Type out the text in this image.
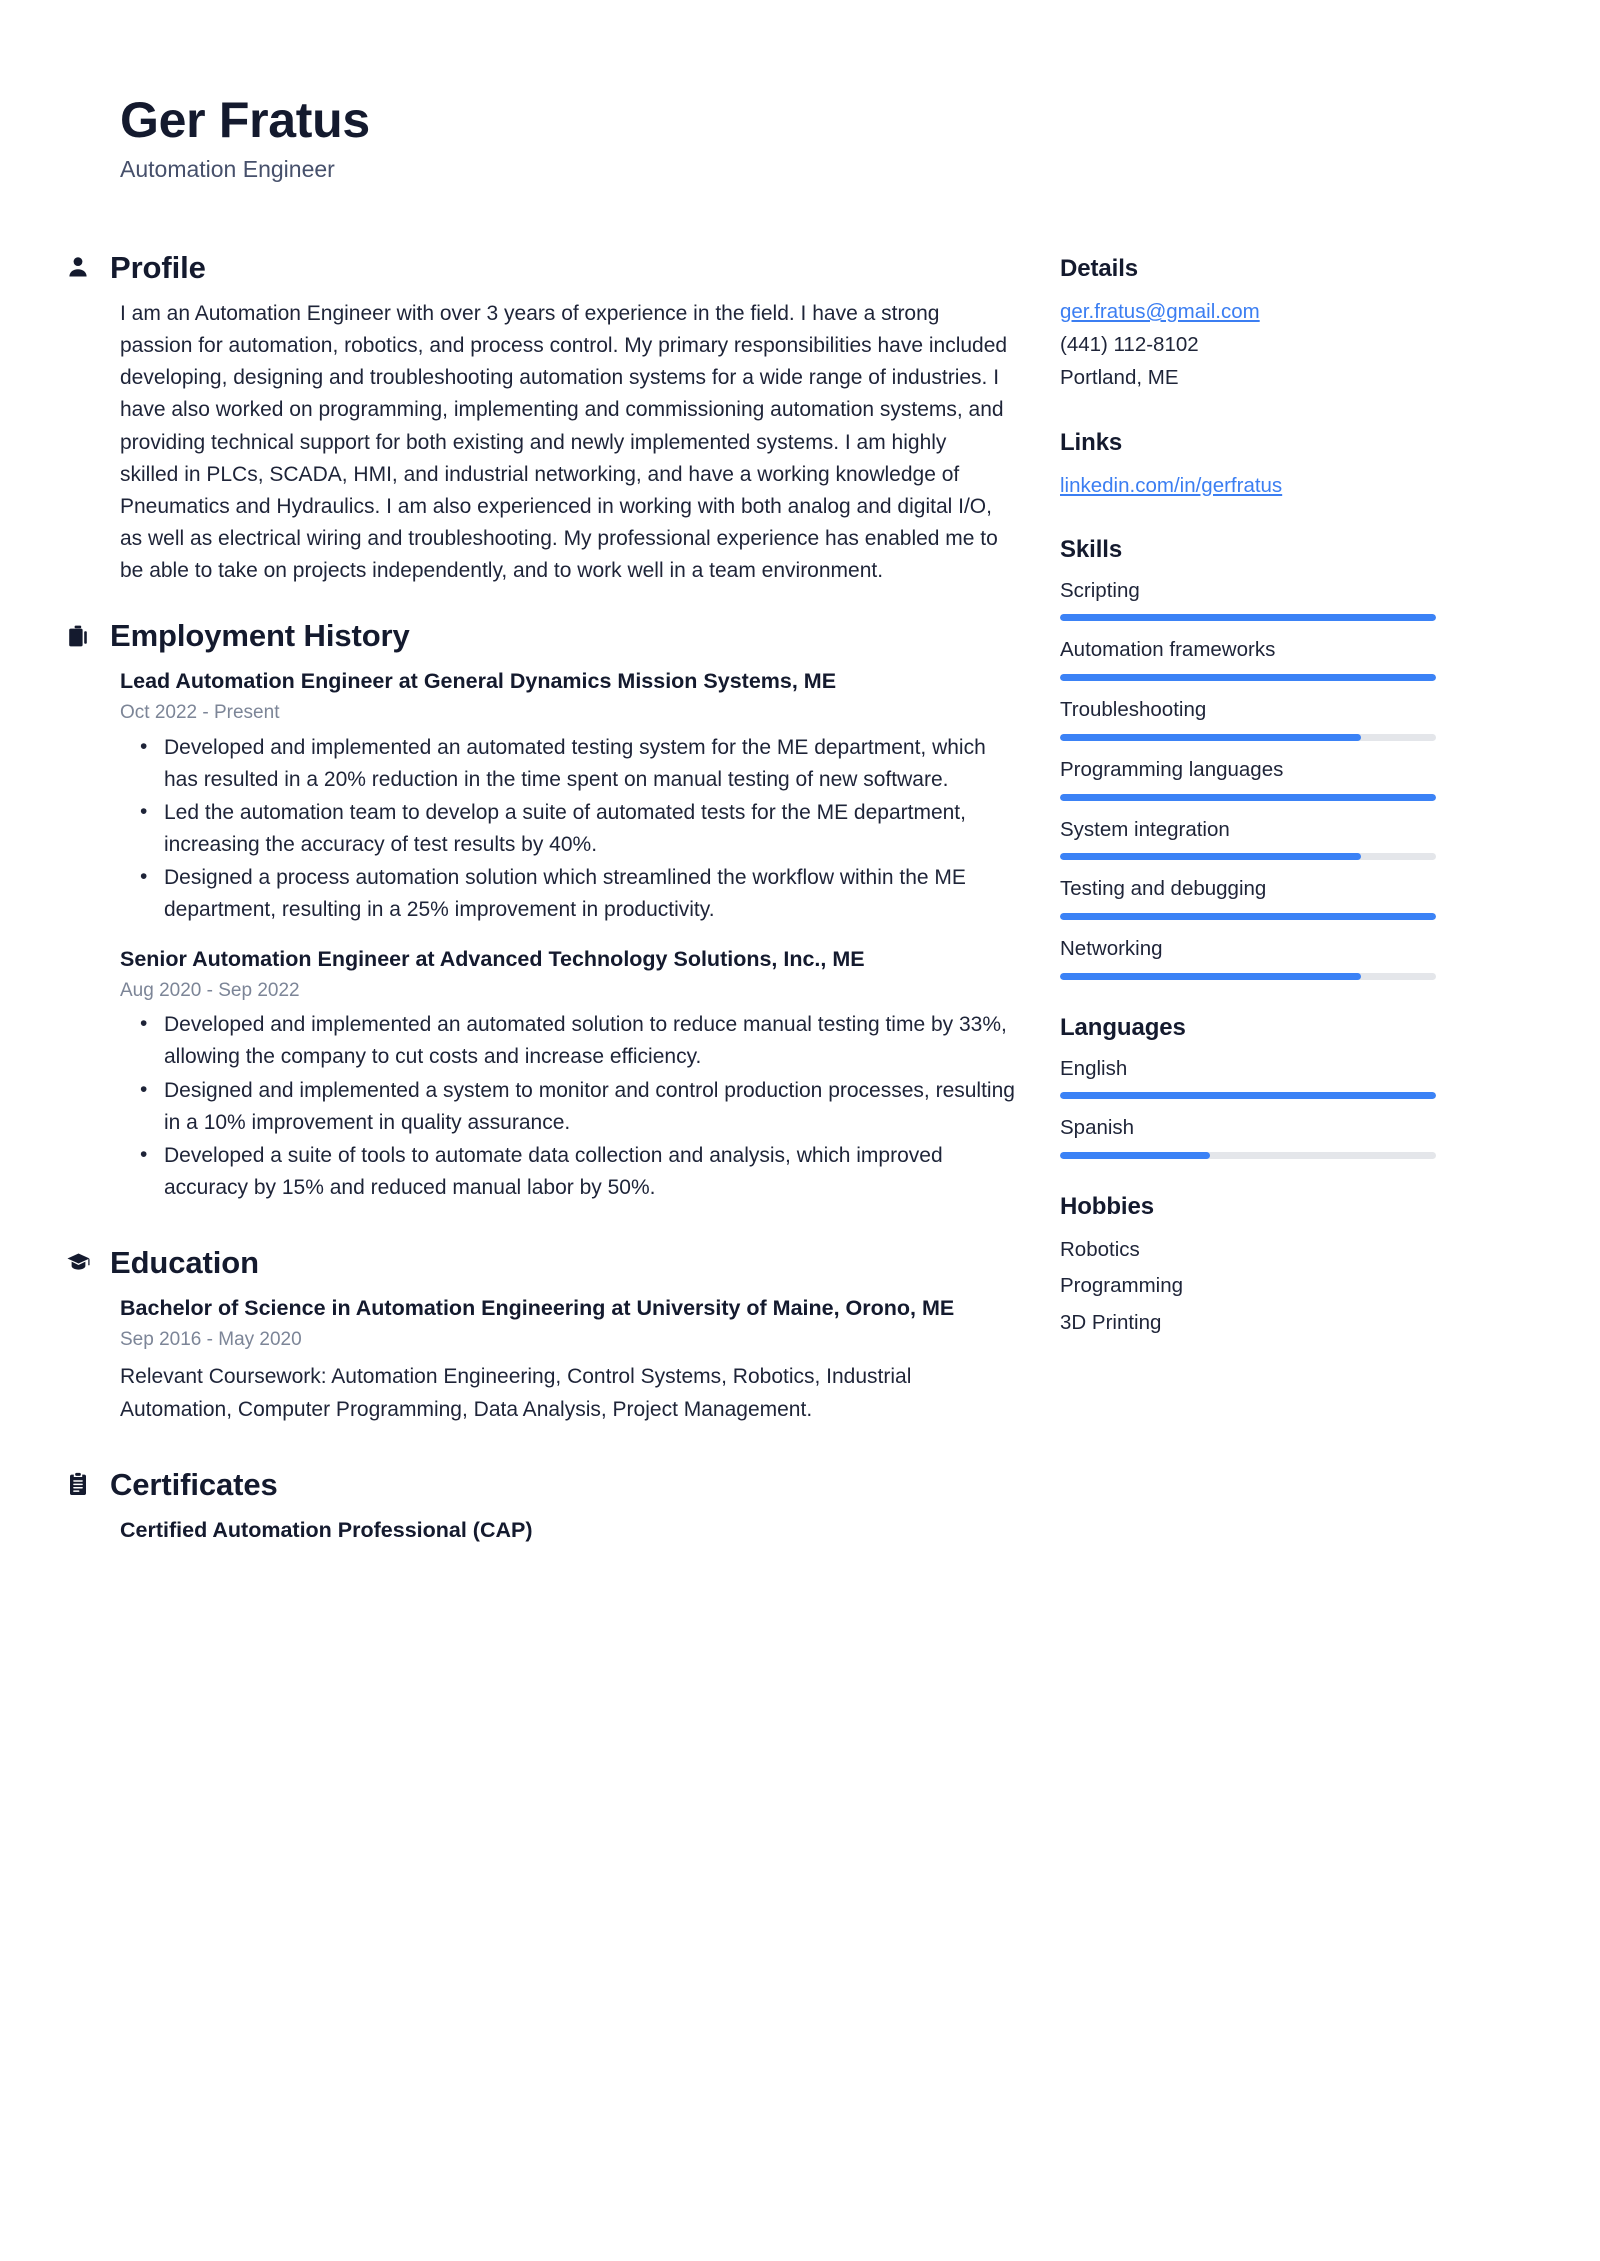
Ger Fratus
Automation Engineer
Profile
I am an Automation Engineer with over 3 years of experience in the field. I have a strong passion for automation, robotics, and process control. My primary responsibilities have included developing, designing and troubleshooting automation systems for a wide range of industries. I have also worked on programming, implementing and commissioning automation systems, and providing technical support for both existing and newly implemented systems. I am highly skilled in PLCs, SCADA, HMI, and industrial networking, and have a working knowledge of Pneumatics and Hydraulics. I am also experienced in working with both analog and digital I/O, as well as electrical wiring and troubleshooting. My professional experience has enabled me to be able to take on projects independently, and to work well in a team environment.
Employment History
Lead Automation Engineer at General Dynamics Mission Systems, ME
Oct 2022 - Present
• Developed and implemented an automated testing system for the ME department, which has resulted in a 20% reduction in the time spent on manual testing of new software.
• Led the automation team to develop a suite of automated tests for the ME department, increasing the accuracy of test results by 40%.
• Designed a process automation solution which streamlined the workflow within the ME department, resulting in a 25% improvement in productivity.
Senior Automation Engineer at Advanced Technology Solutions, Inc., ME
Aug 2020 - Sep 2022
• Developed and implemented an automated solution to reduce manual testing time by 33%, allowing the company to cut costs and increase efficiency.
• Designed and implemented a system to monitor and control production processes, resulting in a 10% improvement in quality assurance.
• Developed a suite of tools to automate data collection and analysis, which improved accuracy by 15% and reduced manual labor by 50%.
Education
Bachelor of Science in Automation Engineering at University of Maine, Orono, ME
Sep 2016 - May 2020
Relevant Coursework: Automation Engineering, Control Systems, Robotics, Industrial Automation, Computer Programming, Data Analysis, Project Management.
Certificates
Certified Automation Professional (CAP)
Details
ger.fratus@gmail.com
(441) 112-8102
Portland, ME
Links
linkedin.com/in/gerfratus
Skills
Scripting
Automation frameworks
Troubleshooting
Programming languages
System integration
Testing and debugging
Networking
Languages
English
Spanish
Hobbies
Robotics
Programming
3D Printing
